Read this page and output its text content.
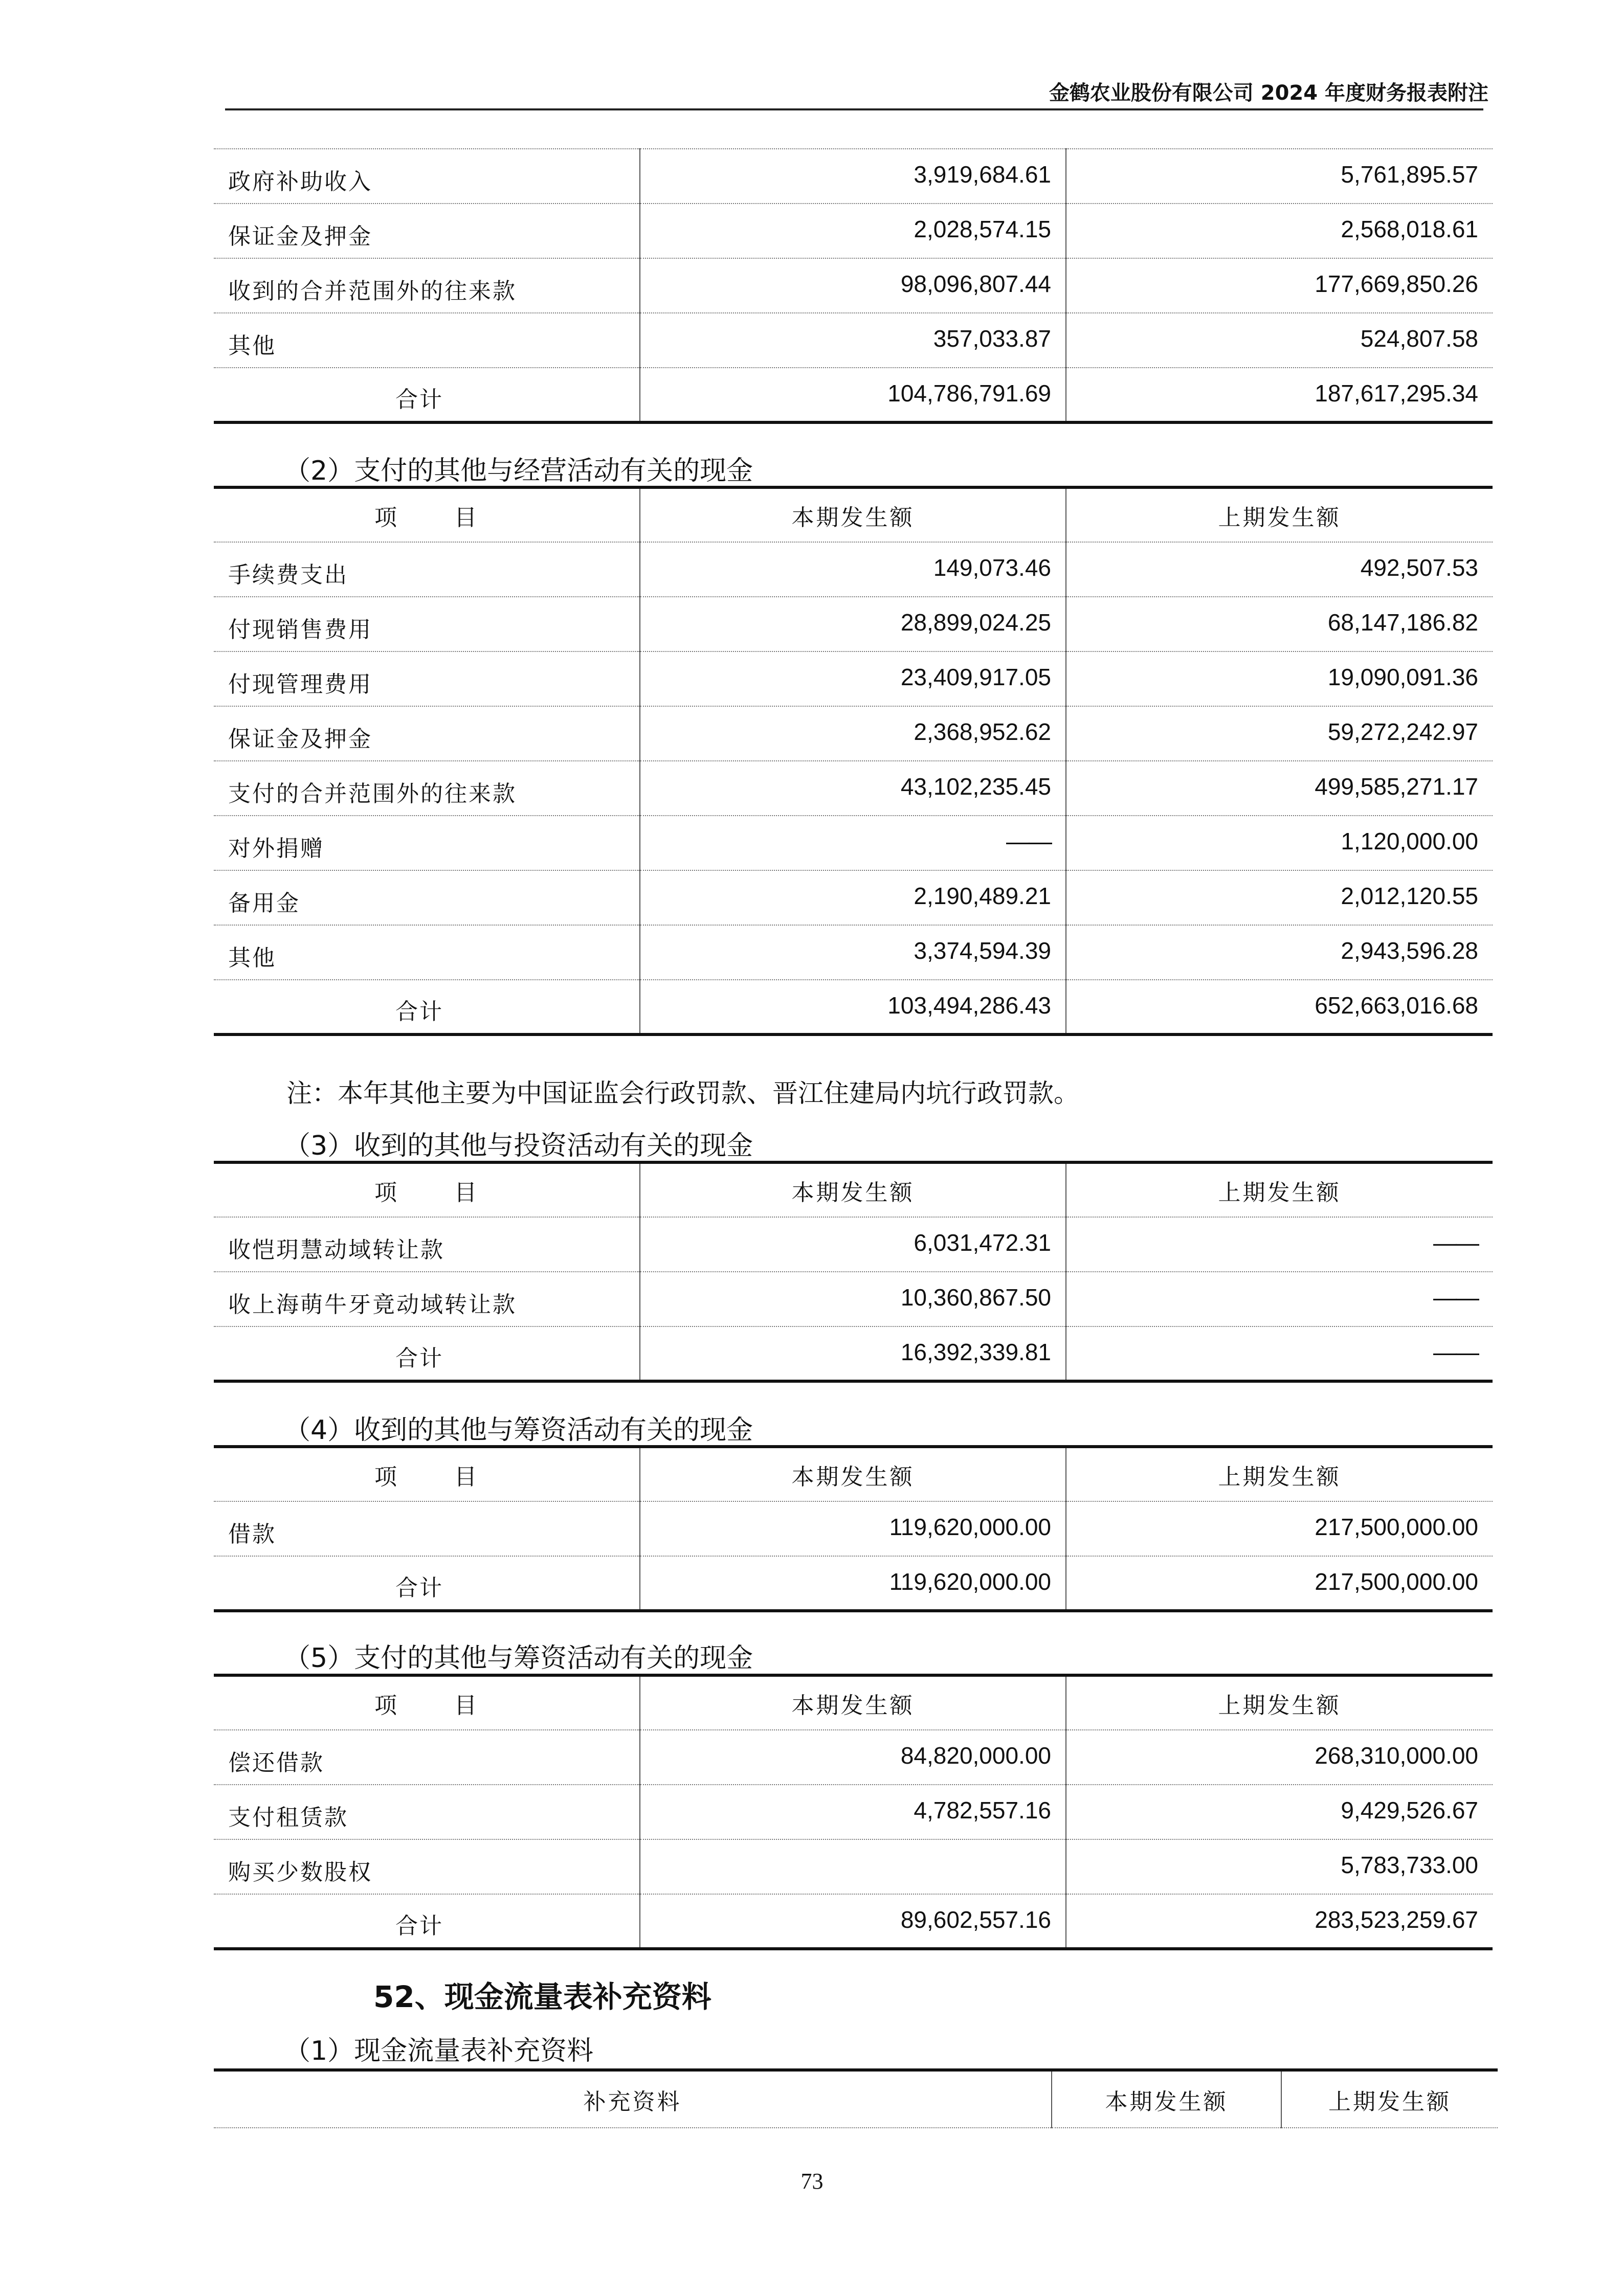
金鹤农业股份有限公司 2024 年度财务报表附注
政府补助收入	3,919,684.61	5,761,895.57
保证金及押金	2,028,574.15	2,568,018.61
收到的合并范围外的往来款	98,096,807.44	177,669,850.26
其他	357,033.87	524,807.58
合计	104,786,791.69	187,617,295.34
（2）支付的其他与经营活动有关的现金
项      目	本期发生额	上期发生额
手续费支出	149,073.46	492,507.53
付现销售费用	28,899,024.25	68,147,186.82
付现管理费用	23,409,917.05	19,090,091.36
保证金及押金	2,368,952.62	59,272,242.97
支付的合并范围外的往来款	43,102,235.45	499,585,271.17
对外捐赠	——	1,120,000.00
备用金	2,190,489.21	2,012,120.55
其他	3,374,594.39	2,943,596.28
合计	103,494,286.43	652,663,016.68
注：本年其他主要为中国证监会行政罚款、晋江住建局内坑行政罚款。
（3）收到的其他与投资活动有关的现金
项      目	本期发生额	上期发生额
收恺玥慧动域转让款	6,031,472.31	——
收上海萌牛牙竟动域转让款	10,360,867.50	——
合计	16,392,339.81	——
（4）收到的其他与筹资活动有关的现金
项      目	本期发生额	上期发生额
借款	119,620,000.00	217,500,000.00
合计	119,620,000.00	217,500,000.00
（5）支付的其他与筹资活动有关的现金
项      目	本期发生额	上期发生额
偿还借款	84,820,000.00	268,310,000.00
支付租赁款	4,782,557.16	9,429,526.67
购买少数股权		5,783,733.00
合计	89,602,557.16	283,523,259.67
52、现金流量表补充资料
（1）现金流量表补充资料
补充资料	本期发生额	上期发生额
73
